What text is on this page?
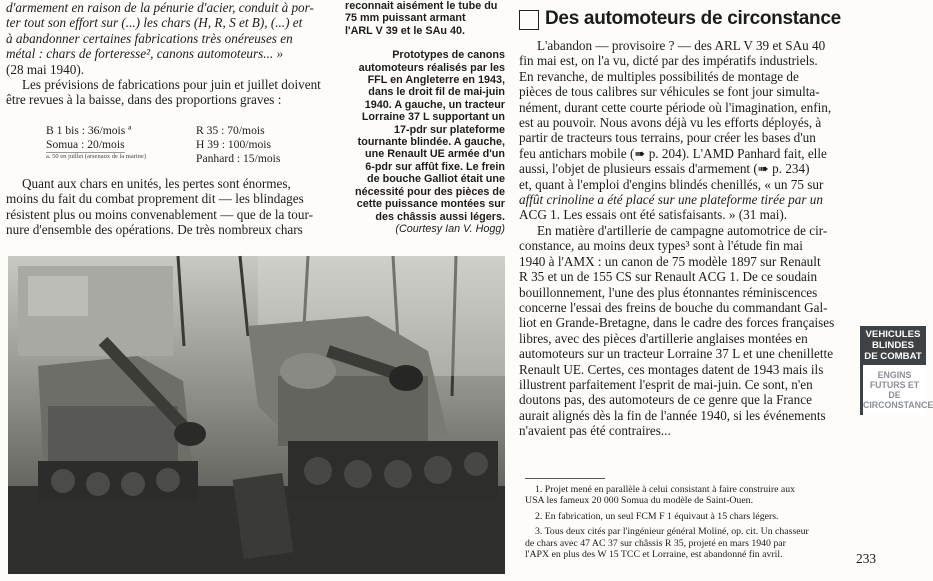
d'armement en raison de la pénurie d'acier, conduit à por-
ter tout son effort sur (...) les chars (H, R, S et B), (...) et
à abandonner certaines fabrications très onéreuses en
métal : chars de forteresse², canons automoteurs... »
(28 mai 1940).
Les prévisions de fabrications pour juin et juillet doivent
être revues à la baisse, dans des proportions graves :
B 1 bis : 36/mois ª	R 35 : 70/mois
Somua : 20/mois	H 39 : 100/mois
a. 50 en juillet (arsenaux de la marine)	Panhard : 15/mois
Quant aux chars en unités, les pertes sont énormes,
moins du fait du combat proprement dit — les blindages
résistent plus ou moins convenablement — que de la tour-
nure d'ensemble des opérations. De très nombreux chars
reconnait aisément le tube du
75 mm puissant armant
l'ARL V 39 et le SAu 40.
Prototypes de canons
automoteurs réalisés par les
FFL en Angleterre en 1943,
dans le droit fil de mai-juin
1940. A gauche, un tracteur
Lorraine 37 L supportant un
17-pdr sur plateforme
tournante blindée. A gauche,
une Renault UE armée d'un
6-pdr sur affût fixe. Le frein
de bouche Galliot était une
nécessité pour des pièces de
cette puissance montées sur
des châssis aussi légers.
(Courtesy Ian V. Hogg)
Des automoteurs de circonstance
L'abandon — provisoire ? — des ARL V 39 et SAu 40
fin mai est, on l'a vu, dicté par des impératifs industriels.
En revanche, de multiples possibilités de montage de
pièces de tous calibres sur véhicules se font jour simulta-
nément, durant cette courte période où l'imagination, enfin,
est au pouvoir. Nous avons déjà vu les efforts déployés, à
partir de tracteurs tous terrains, pour créer les bases d'un
feu antichars mobile (➠ p. 204). L'AMD Panhard fait, elle
aussi, l'objet de plusieurs essais d'armement (➠ p. 234)
et, quant à l'emploi d'engins blindés chenillés, « un 75 sur
affût crinoline a été placé sur une plateforme tirée par un
ACG 1. Les essais ont été satisfaisants. » (31 mai).
En matière d'artillerie de campagne automotrice de cir-
constance, au moins deux types³ sont à l'étude fin mai
1940 à l'AMX : un canon de 75 modèle 1897 sur Renault
R 35 et un de 155 CS sur Renault ACG 1. De ce soudain
bouillonnement, l'une des plus étonnantes réminiscences
concerne l'essai des freins de bouche du commandant Gal-
liot en Grande-Bretagne, dans le cadre des forces françaises
libres, avec des pièces d'artillerie anglaises montées en
automoteurs sur un tracteur Lorraine 37 L et une chenillette
Renault UE. Certes, ces montages datent de 1943 mais ils
illustrent parfaitement l'esprit de mai-juin. Ce sont, n'en
doutons pas, des automoteurs de ce genre que la France
aurait alignés dès la fin de l'année 1940, si les événements
n'avaient pas été contraires...

1. Projet mené en parallèle à celui consistant à faire construire aux
USA les fameux 20 000 Somua du modèle de Saint-Ouen.

2. En fabrication, un seul FCM F 1 équivaut à 15 chars légers.

3. Tous deux cités par l'ingénieur général Moliné, op. cit. Un chasseur
de chars avec 47 AC 37 sur châssis R 35, projeté en mars 1940 par
l'APX en plus des W 15 TCC et Lorraine, est abandonné fin avril.

VEHICULES
BLINDES
DE COMBAT
ENGINS
FUTURS ET DE
CIRCONSTANCE
233
